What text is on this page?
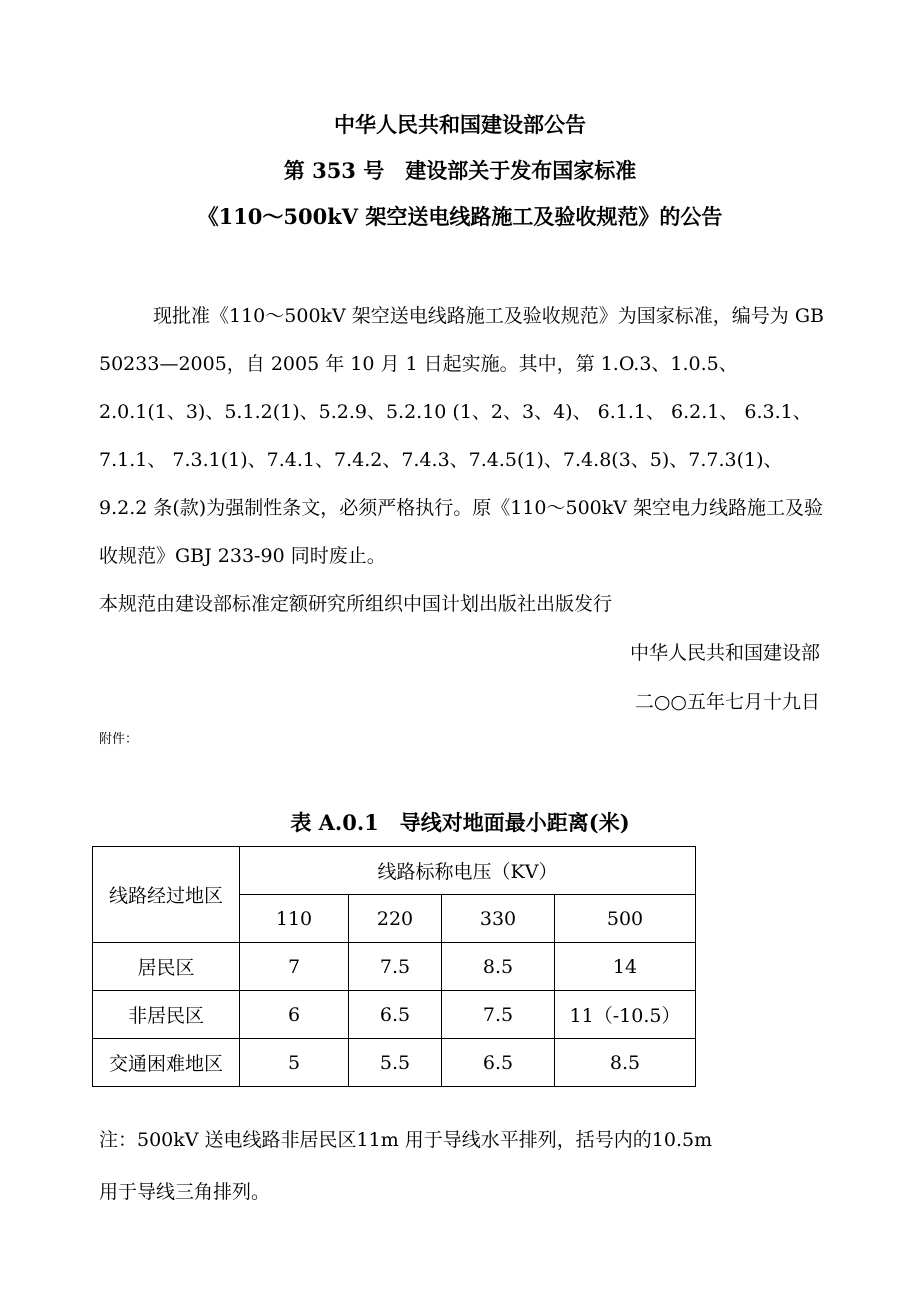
中华人民共和国建设部公告
第 353 号　建设部关于发布国家标准
《110～500kV 架空送电线路施工及验收规范》的公告

现批准《110～500kV 架空送电线路施工及验收规范》为国家标准，编号为 GB 50233—2005，自 2005 年 10 月 1 日起实施。其中，第 1.O.3、1.0.5、2.0.1(1、3)、5.1.2(1)、5.2.9、5.2.10 (1、2、3、4)、 6.1.1、 6.2.1、 6.3.1、7.1.1、 7.3.1(1)、7.4.1、7.4.2、7.4.3、7.4.5(1)、7.4.8(3、5)、7.7.3(1)、9.2.2 条(款)为强制性条文，必须严格执行。原《110～500kV 架空电力线路施工及验收规范》GBJ 233-90 同时废止。

本规范由建设部标准定额研究所组织中国计划出版社出版发行

中华人民共和国建设部

二○○五年七月十九日

附件：

表 A.0.1　导线对地面最小距离(米)

线路经过地区	线路标称电压（KV）			
	110	220	330	500
居民区	7	7.5	8.5	14
非居民区	6	6.5	7.5	11（-10.5）
交通困难地区	5	5.5	6.5	8.5

注：500kV 送电线路非居民区11m 用于导线水平排列，括号内的10.5m 用于导线三角排列。
